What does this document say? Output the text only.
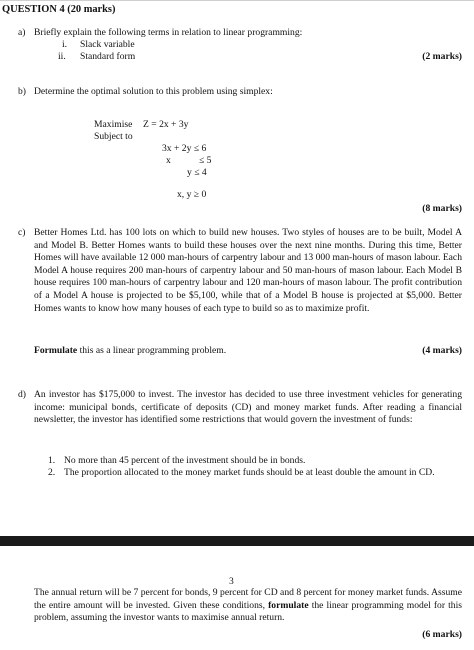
QUESTION 4 (20 marks)
a) Briefly explain the following terms in relation to linear programming:
i. Slack variable
ii. Standard form	(2 marks)
b) Determine the optimal solution to this problem using simplex:
Maximise Z = 2x + 3y
Subject to
3x + 2y ≤ 6
x	≤ 5
y ≤ 4
x, y ≥ 0
(8 marks)
c) Better Homes Ltd. has 100 lots on which to build new houses. Two styles of houses are to be built, Model A and Model B. Better Homes wants to build these houses over the next nine months. During this time, Better Homes will have available 12 000 man-hours of carpentry labour and 13 000 man-hours of mason labour. Each Model A house requires 200 man-hours of carpentry labour and 50 man-hours of mason labour. Each Model B house requires 100 man-hours of carpentry labour and 120 man-hours of mason labour. The profit contribution of a Model A house is projected to be $5,100, while that of a Model B house is projected at $5,000. Better Homes wants to know how many houses of each type to build so as to maximize profit.
Formulate this as a linear programming problem.	(4 marks)
d) An investor has $175,000 to invest. The investor has decided to use three investment vehicles for generating income: municipal bonds, certificate of deposits (CD) and money market funds. After reading a financial newsletter, the investor has identified some restrictions that would govern the investment of funds:
1. No more than 45 percent of the investment should be in bonds.
2. The proportion allocated to the money market funds should be at least double the amount in CD.
3
The annual return will be 7 percent for bonds, 9 percent for CD and 8 percent for money market funds. Assume the entire amount will be invested. Given these conditions, formulate the linear programming model for this problem, assuming the investor wants to maximise annual return.
(6 marks)
